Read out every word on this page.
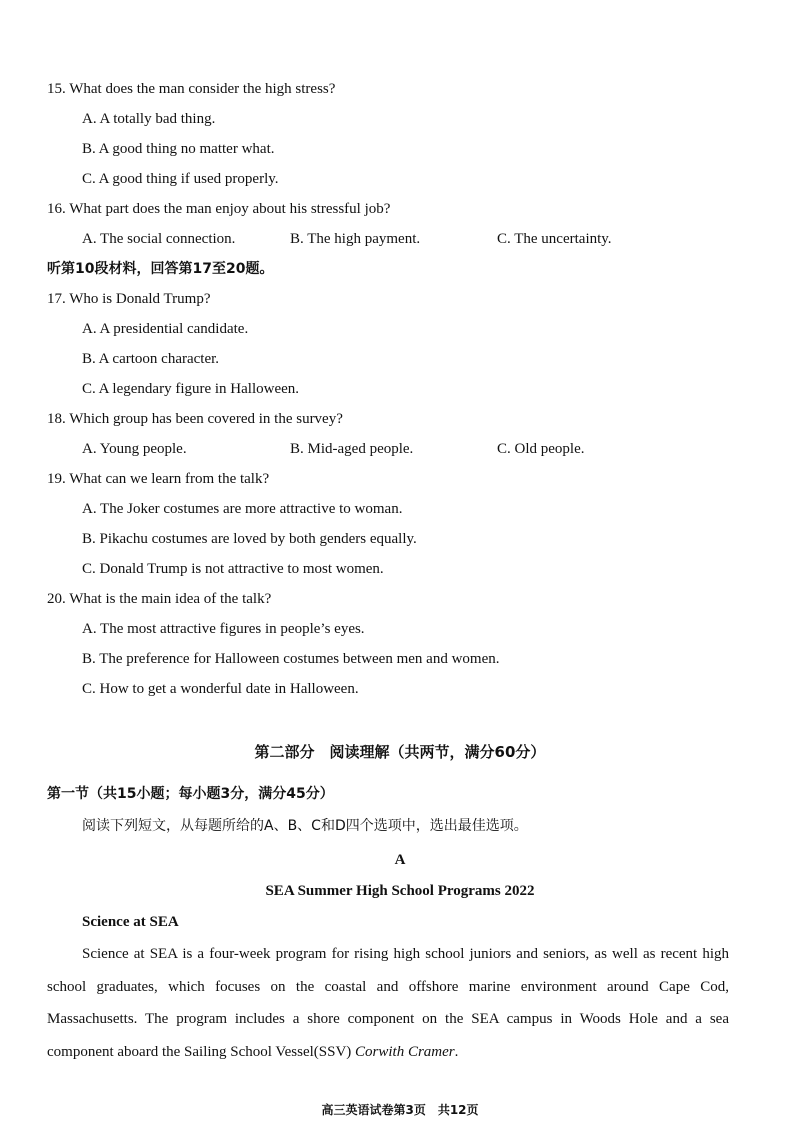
15. What does the man consider the high stress?
A. A totally bad thing.
B. A good thing no matter what.
C. A good thing if used properly.
16. What part does the man enjoy about his stressful job?
A. The social connection.	B. The high payment.	C. The uncertainty.
听第10段材料，回答第17至20题。
17. Who is Donald Trump?
A. A presidential candidate.
B. A cartoon character.
C. A legendary figure in Halloween.
18. Which group has been covered in the survey?
A. Young people.	B. Mid-aged people.	C. Old people.
19. What can we learn from the talk?
A. The Joker costumes are more attractive to woman.
B. Pikachu costumes are loved by both genders equally.
C. Donald Trump is not attractive to most women.
20. What is the main idea of the talk?
A. The most attractive figures in people’s eyes.
B. The preference for Halloween costumes between men and women.
C. How to get a wonderful date in Halloween.
第二部分　阅读理解（共两节，满分60分）
第一节（共15小题；每小题3分，满分45分）
阅读下列短文，从每题所给的A、B、C和D四个选项中，选出最佳选项。
A
SEA Summer High School Programs 2022
Science at SEA
Science at SEA is a four-week program for rising high school juniors and seniors, as well as recent high school graduates, which focuses on the coastal and offshore marine environment around Cape Cod, Massachusetts. The program includes a shore component on the SEA campus in Woods Hole and a sea component aboard the Sailing School Vessel(SSV) Corwith Cramer.
高三英语试卷第3页　共12页
